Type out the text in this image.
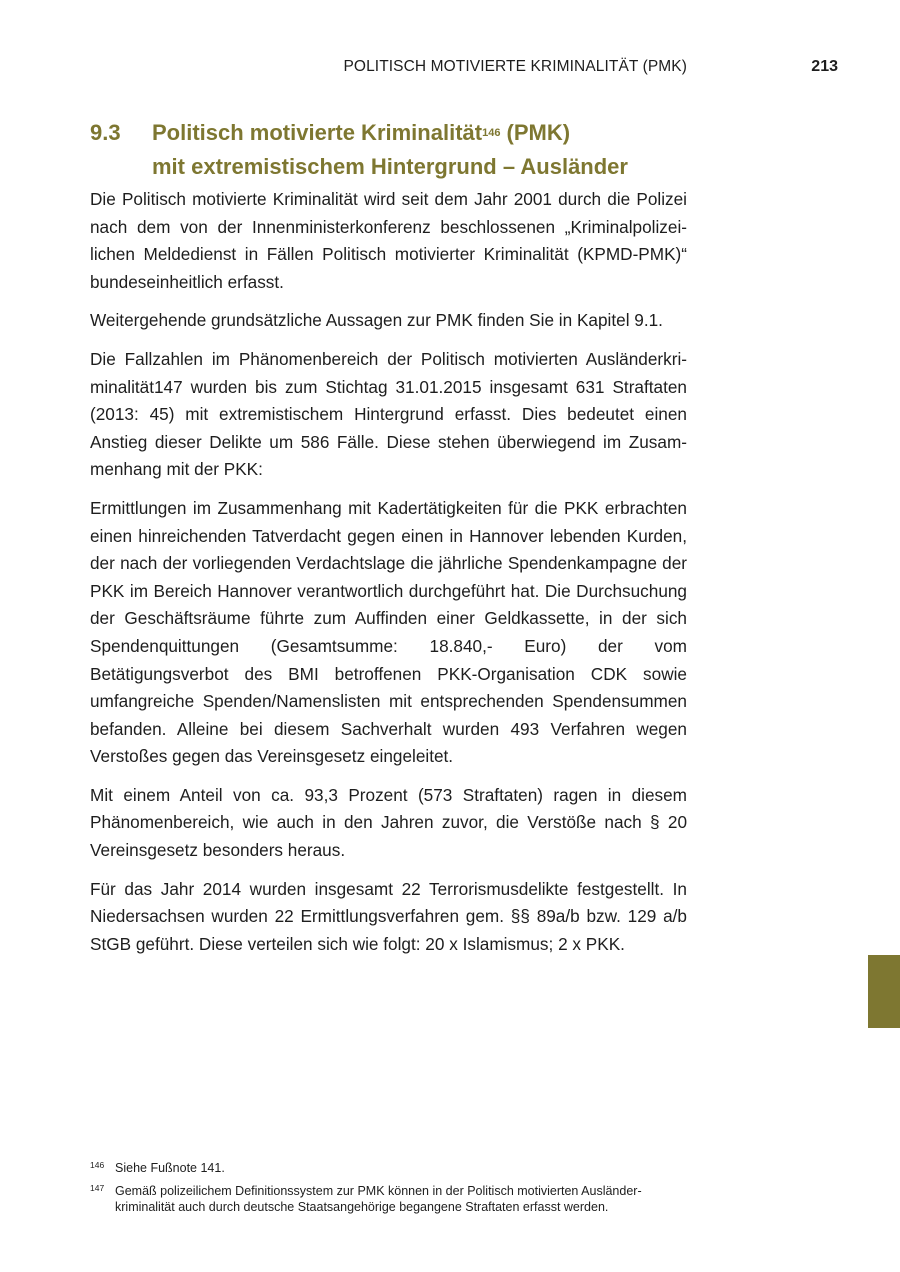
POLITISCH MOTIVIERTE KRIMINALITÄT (PMK)	213
9.3 Politisch motivierte Kriminalität$^{146}$ (PMK)
mit extremistischem Hintergrund – Ausländer

Die Politisch motivierte Kriminalität wird seit dem Jahr 2001 durch die Polizei nach dem von der Innenministerkonferenz beschlossenen „Kriminalpolizeilichen Meldedienst in Fällen Politisch motivierter Kriminalität (KPMD-PMK)“ bundeseinheitlich erfasst.

Weitergehende grundsätzliche Aussagen zur PMK finden Sie in Kapitel 9.1.

Die Fallzahlen im Phänomenbereich der Politisch motivierten Ausländerkriminalität147 wurden bis zum Stichtag 31.01.2015 insgesamt 631 Straftaten (2013: 45) mit extremistischem Hintergrund erfasst. Dies bedeutet einen Anstieg dieser Delikte um 586 Fälle. Diese stehen überwiegend im Zusammenhang mit der PKK:

Ermittlungen im Zusammenhang mit Kadertätigkeiten für die PKK erbrachten einen hinreichenden Tatverdacht gegen einen in Hannover lebenden Kurden, der nach der vorliegenden Verdachtslage die jährliche Spendenkampagne der PKK im Bereich Hannover verantwortlich durchgeführt hat. Die Durchsuchung der Geschäftsräume führte zum Auffinden einer Geldkassette, in der sich Spendenquittungen (Gesamtsumme: 18.840,- Euro) der vom Betätigungsverbot des BMI betroffenen PKK-Organisation CDK sowie umfangreiche Spenden/Namenslisten mit entsprechenden Spendensummen befanden. Alleine bei diesem Sachverhalt wurden 493 Verfahren wegen Verstoßes gegen das Vereinsgesetz eingeleitet.

Mit einem Anteil von ca. 93,3 Prozent (573 Straftaten) ragen in diesem Phänomenbereich, wie auch in den Jahren zuvor, die Verstöße nach § 20 Vereinsgesetz besonders heraus.

Für das Jahr 2014 wurden insgesamt 22 Terrorismusdelikte festgestellt. In Niedersachsen wurden 22 Ermittlungsverfahren gem. §§ 89a/b bzw. 129 a/b StGB geführt. Diese verteilen sich wie folgt: 20 x Islamismus; 2 x PKK.

146 Siehe Fußnote 141.
147 Gemäß polizeilichem Definitionssystem zur PMK können in der Politisch motivierten Ausländerkriminalität auch durch deutsche Staatsangehörige begangene Straftaten erfasst werden.
